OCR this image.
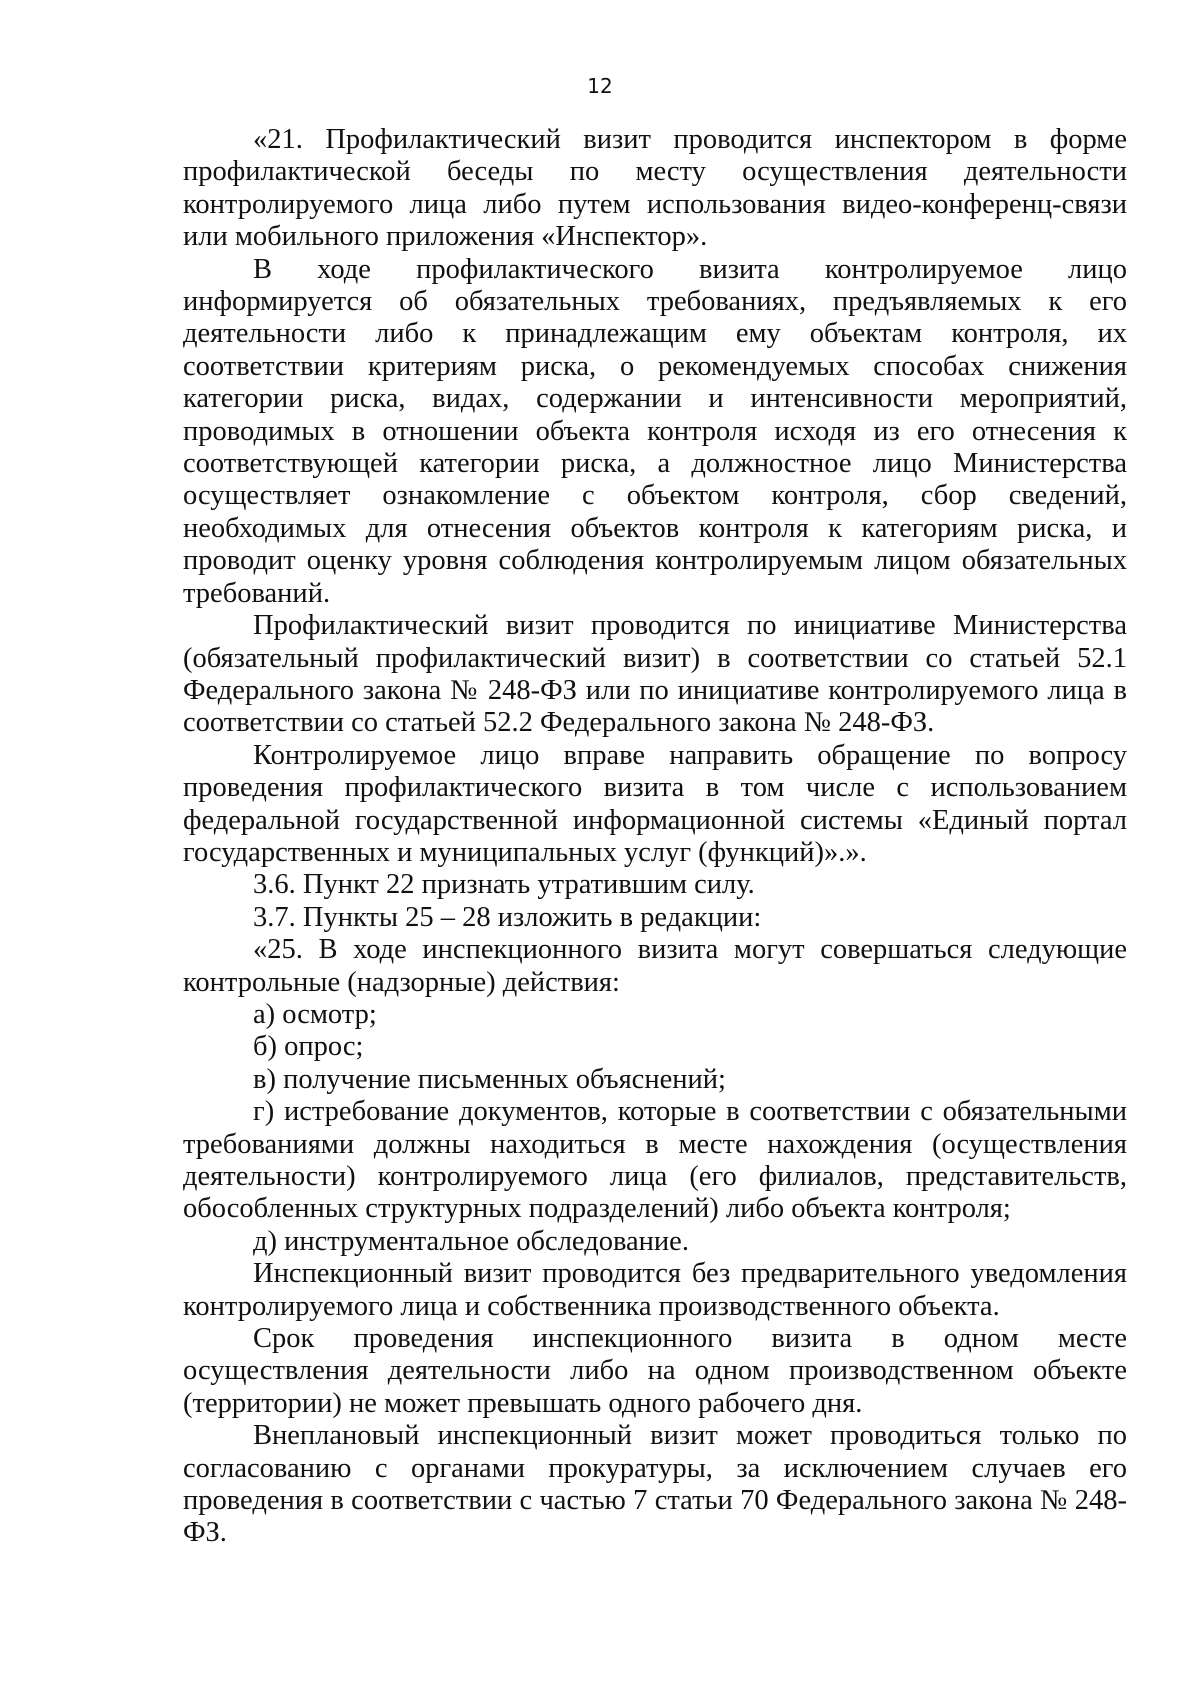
12

«21. Профилактический визит проводится инспектором в форме профилактической беседы по месту осуществления деятельности контролируемого лица либо путем использования видео-конференц-связи или мобильного приложения «Инспектор».

В ходе профилактического визита контролируемое лицо информируется об обязательных требованиях, предъявляемых к его деятельности либо к принадлежащим ему объектам контроля, их соответствии критериям риска, о рекомендуемых способах снижения категории риска, видах, содержании и интенсивности мероприятий, проводимых в отношении объекта контроля исходя из его отнесения к соответствующей категории риска, а должностное лицо Министерства осуществляет ознакомление с объектом контроля, сбор сведений, необходимых для отнесения объектов контроля к категориям риска, и проводит оценку уровня соблюдения контролируемым лицом обязательных требований.

Профилактический визит проводится по инициативе Министерства (обязательный профилактический визит) в соответствии со статьей 52.1 Федерального закона № 248-ФЗ или по инициативе контролируемого лица в соответствии со статьей 52.2 Федерального закона № 248-ФЗ.

Контролируемое лицо вправе направить обращение по вопросу проведения профилактического визита в том числе с использованием федеральной государственной информационной системы «Единый портал государственных и муниципальных услуг (функций)».».

3.6. Пункт 22 признать утратившим силу.

3.7. Пункты 25 – 28 изложить в редакции:

«25. В ходе инспекционного визита могут совершаться следующие контрольные (надзорные) действия:

а) осмотр;

б) опрос;

в) получение письменных объяснений;

г) истребование документов, которые в соответствии с обязательными требованиями должны находиться в месте нахождения (осуществления деятельности) контролируемого лица (его филиалов, представительств, обособленных структурных подразделений) либо объекта контроля;

д) инструментальное обследование.

Инспекционный визит проводится без предварительного уведомления контролируемого лица и собственника производственного объекта.

Срок проведения инспекционного визита в одном месте осуществления деятельности либо на одном производственном объекте (территории) не может превышать одного рабочего дня.

Внеплановый инспекционный визит может проводиться только по согласованию с органами прокуратуры, за исключением случаев его проведения в соответствии с частью 7 статьи 70 Федерального закона № 248-ФЗ.
